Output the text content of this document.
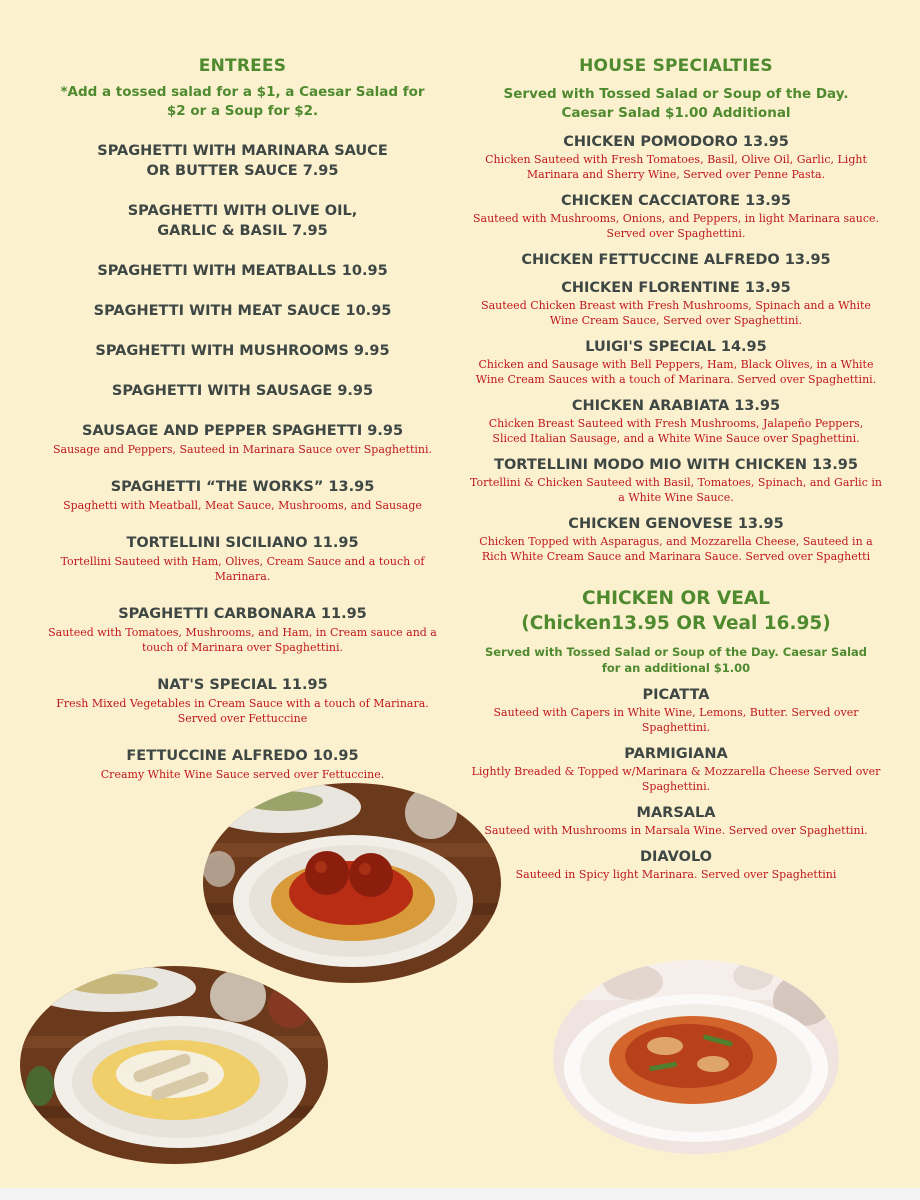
ENTREES
*Add a tossed salad for a $1, a Caesar Salad for $2 or a Soup for $2.
SPAGHETTI WITH MARINARA SAUCE
OR BUTTER SAUCE 7.95
SPAGHETTI WITH OLIVE OIL,
GARLIC & BASIL 7.95
SPAGHETTI WITH MEATBALLS 10.95
SPAGHETTI WITH MEAT SAUCE 10.95
SPAGHETTI WITH MUSHROOMS 9.95
SPAGHETTI WITH SAUSAGE 9.95
SAUSAGE AND PEPPER SPAGHETTI 9.95
Sausage and Peppers, Sauteed in Marinara Sauce over Spaghettini.
SPAGHETTI “THE WORKS” 13.95
Spaghetti with Meatball, Meat Sauce, Mushrooms, and Sausage
TORTELLINI SICILIANO 11.95
Tortellini Sauteed with Ham, Olives, Cream Sauce and a touch of Marinara.
SPAGHETTI CARBONARA 11.95
Sauteed with Tomatoes, Mushrooms, and Ham, in Cream sauce and a touch of Marinara over Spaghettini.
NAT'S SPECIAL 11.95
Fresh Mixed Vegetables in Cream Sauce with a touch of Marinara. Served over Fettuccine
FETTUCCINE ALFREDO 10.95
Creamy White Wine Sauce served over Fettuccine.
HOUSE SPECIALTIES
Served with Tossed Salad or Soup of the Day.
Caesar Salad $1.00 Additional
CHICKEN POMODORO 13.95
Chicken Sauteed with Fresh Tomatoes, Basil, Olive Oil, Garlic, Light Marinara and Sherry Wine, Served over Penne Pasta.
CHICKEN CACCIATORE 13.95
Sauteed with Mushrooms, Onions, and Peppers, in light Marinara sauce. Served over Spaghettini.
CHICKEN FETTUCCINE ALFREDO 13.95
CHICKEN FLORENTINE 13.95
Sauteed Chicken Breast with Fresh Mushrooms, Spinach and a White Wine Cream Sauce, Served over Spaghettini.
LUIGI'S SPECIAL 14.95
Chicken and Sausage with Bell Peppers, Ham, Black Olives, in a White Wine Cream Sauces with a touch of Marinara. Served over Spaghettini.
CHICKEN ARABIATA 13.95
Chicken Breast Sauteed with Fresh Mushrooms, Jalapeño Peppers, Sliced Italian Sausage, and a White Wine Sauce over Spaghettini.
TORTELLINI MODO MIO WITH CHICKEN 13.95
Tortellini & Chicken Sauteed with Basil, Tomatoes, Spinach, and Garlic in a White Wine Sauce.
CHICKEN GENOVESE 13.95
Chicken Topped with Asparagus, and Mozzarella Cheese, Sauteed in a Rich White Cream Sauce and Marinara Sauce. Served over Spaghetti
CHICKEN OR VEAL
(Chicken13.95 OR Veal 16.95)
Served with Tossed Salad or Soup of the Day. Caesar Salad for an additional $1.00
PICATTA
Sauteed with Capers in White Wine, Lemons, Butter. Served over Spaghettini.
PARMIGIANA
Lightly Breaded & Topped w/Marinara & Mozzarella Cheese Served over Spaghettini.
MARSALA
Sauteed with Mushrooms in Marsala Wine. Served over Spaghettini.
DIAVOLO
Sauteed in Spicy light Marinara. Served over Spaghettini
